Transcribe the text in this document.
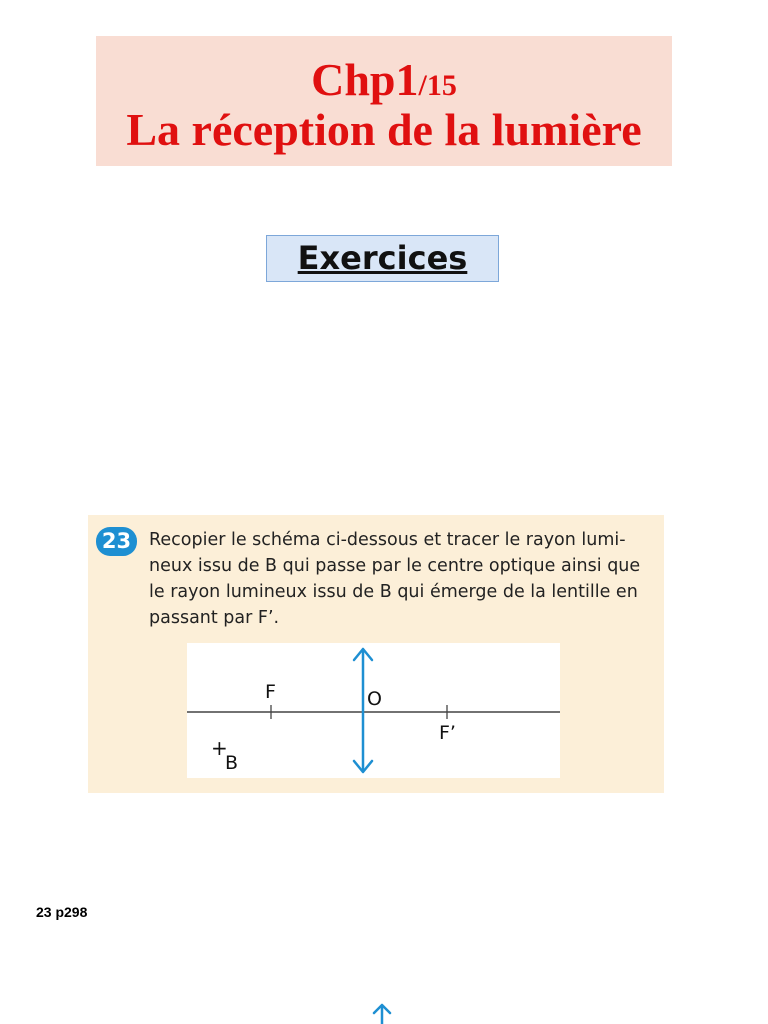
Chp1/15
La réception de la lumière
Exercices
23	Recopier le schéma ci-dessous et tracer le rayon lumi-
neux issu de B qui passe par le centre optique ainsi que
le rayon lumineux issu de B qui émerge de la lentille en
passant par F’.

F	O
F’
+
B
23 p298
